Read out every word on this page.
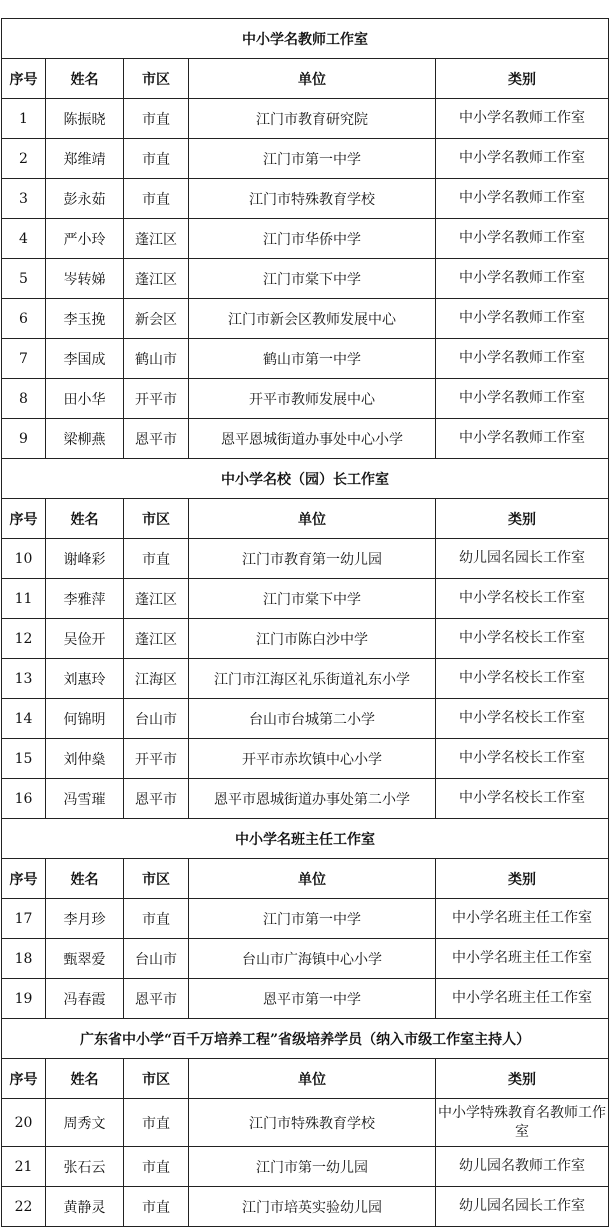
中小学名教师工作室				
序号	姓名	市区	单位	类别
1	陈振晓	市直	江门市教育研究院	中小学名教师工作室
2	郑维靖	市直	江门市第一中学	中小学名教师工作室
3	彭永茹	市直	江门市特殊教育学校	中小学名教师工作室
4	严小玲	蓬江区	江门市华侨中学	中小学名教师工作室
5	岑转娣	蓬江区	江门市棠下中学	中小学名教师工作室
6	李玉挽	新会区	江门市新会区教师发展中心	中小学名教师工作室
7	李国成	鹤山市	鹤山市第一中学	中小学名教师工作室
8	田小华	开平市	开平市教师发展中心	中小学名教师工作室
9	梁柳燕	恩平市	恩平恩城街道办事处中心小学	中小学名教师工作室
中小学名校（园）长工作室				
序号	姓名	市区	单位	类别
10	谢峰彩	市直	江门市教育第一幼儿园	幼儿园名园长工作室
11	李雅萍	蓬江区	江门市棠下中学	中小学名校长工作室
12	吴俭开	蓬江区	江门市陈白沙中学	中小学名校长工作室
13	刘惠玲	江海区	江门市江海区礼乐街道礼东小学	中小学名校长工作室
14	何锦明	台山市	台山市台城第二小学	中小学名校长工作室
15	刘仲燊	开平市	开平市赤坎镇中心小学	中小学名校长工作室
16	冯雪璀	恩平市	恩平市恩城街道办事处第二小学	中小学名校长工作室
中小学名班主任工作室				
序号	姓名	市区	单位	类别
17	李月珍	市直	江门市第一中学	中小学名班主任工作室
18	甄翠爱	台山市	台山市广海镇中心小学	中小学名班主任工作室
19	冯春霞	恩平市	恩平市第一中学	中小学名班主任工作室
广东省中小学“百千万培养工程”省级培养学员（纳入市级工作室主持人）				
序号	姓名	市区	单位	类别
20	周秀文	市直	江门市特殊教育学校	中小学特殊教育名教师工作室
21	张石云	市直	江门市第一幼儿园	幼儿园名教师工作室
22	黄静灵	市直	江门市培英实验幼儿园	幼儿园名园长工作室
